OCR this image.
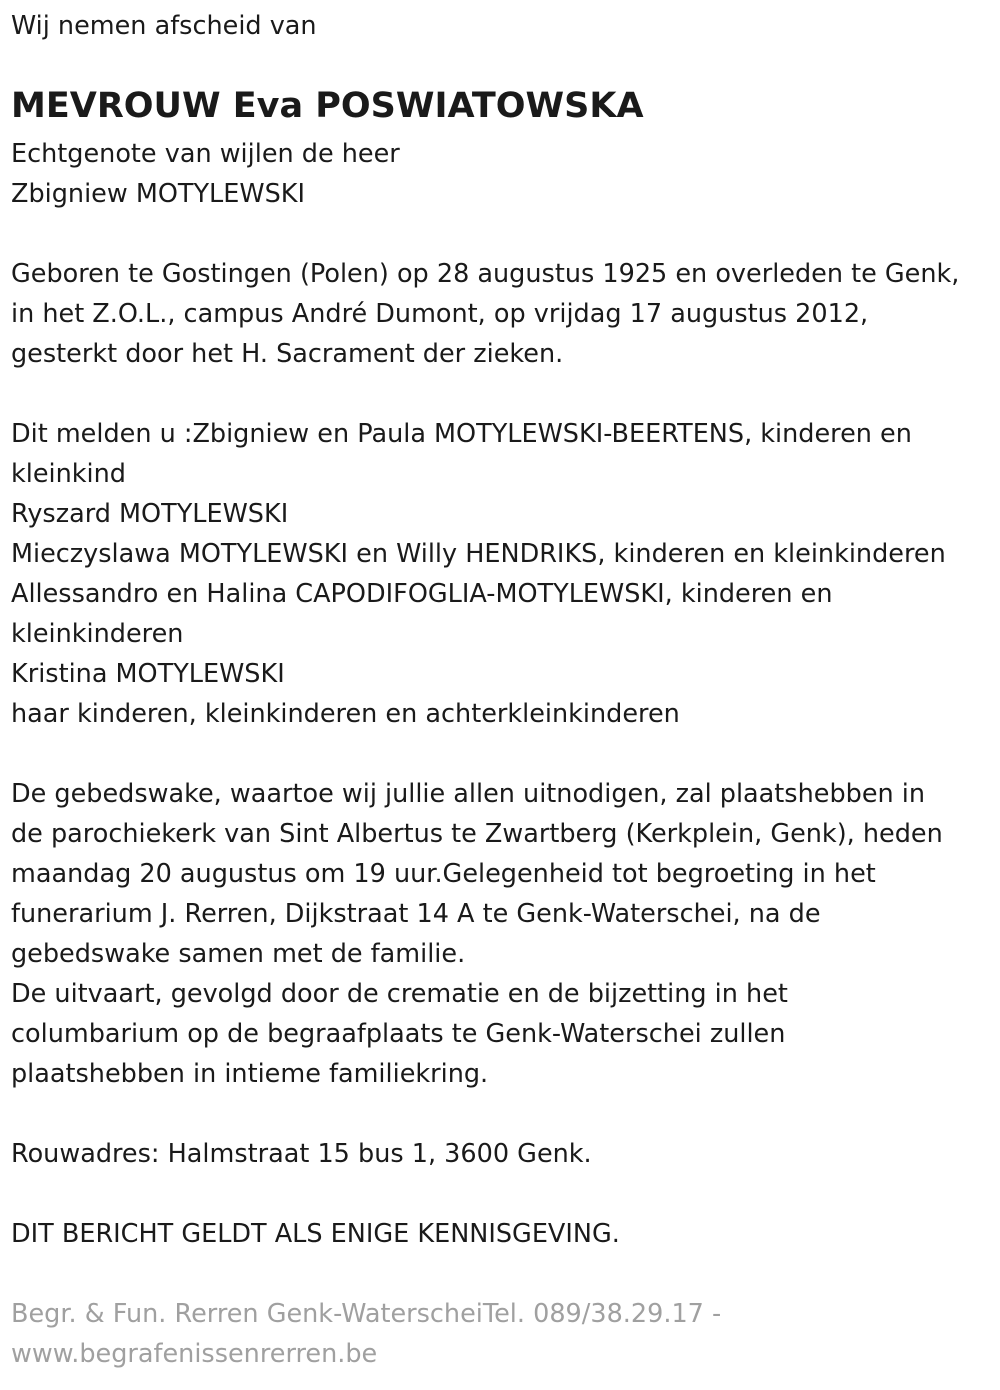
Wij nemen afscheid van
MEVROUW Eva POSWIATOWSKA
Echtgenote van wijlen de heer
Zbigniew MOTYLEWSKI
Geboren te Gostingen (Polen) op 28 augustus 1925 en overleden te Genk,
in het Z.O.L., campus André Dumont, op vrijdag 17 augustus 2012,
gesterkt door het H. Sacrament der zieken.
Dit melden u :Zbigniew en Paula MOTYLEWSKI-BEERTENS, kinderen en
kleinkind
Ryszard MOTYLEWSKI
Mieczyslawa MOTYLEWSKI en Willy HENDRIKS, kinderen en kleinkinderen
Allessandro en Halina CAPODIFOGLIA-MOTYLEWSKI, kinderen en
kleinkinderen
Kristina MOTYLEWSKI
haar kinderen, kleinkinderen en achterkleinkinderen
De gebedswake, waartoe wij jullie allen uitnodigen, zal plaatshebben in
de parochiekerk van Sint Albertus te Zwartberg (Kerkplein, Genk), heden
maandag 20 augustus om 19 uur.Gelegenheid tot begroeting in het
funerarium J. Rerren, Dijkstraat 14 A te Genk-Waterschei, na de
gebedswake samen met de familie.
De uitvaart, gevolgd door de crematie en de bijzetting in het
columbarium op de begraafplaats te Genk-Waterschei zullen
plaatshebben in intieme familiekring.
Rouwadres: Halmstraat 15 bus 1, 3600 Genk.
DIT BERICHT GELDT ALS ENIGE KENNISGEVING.
Begr. & Fun. Rerren Genk-WaterscheiTel. 089/38.29.17 -
www.begrafenissenrerren.be
